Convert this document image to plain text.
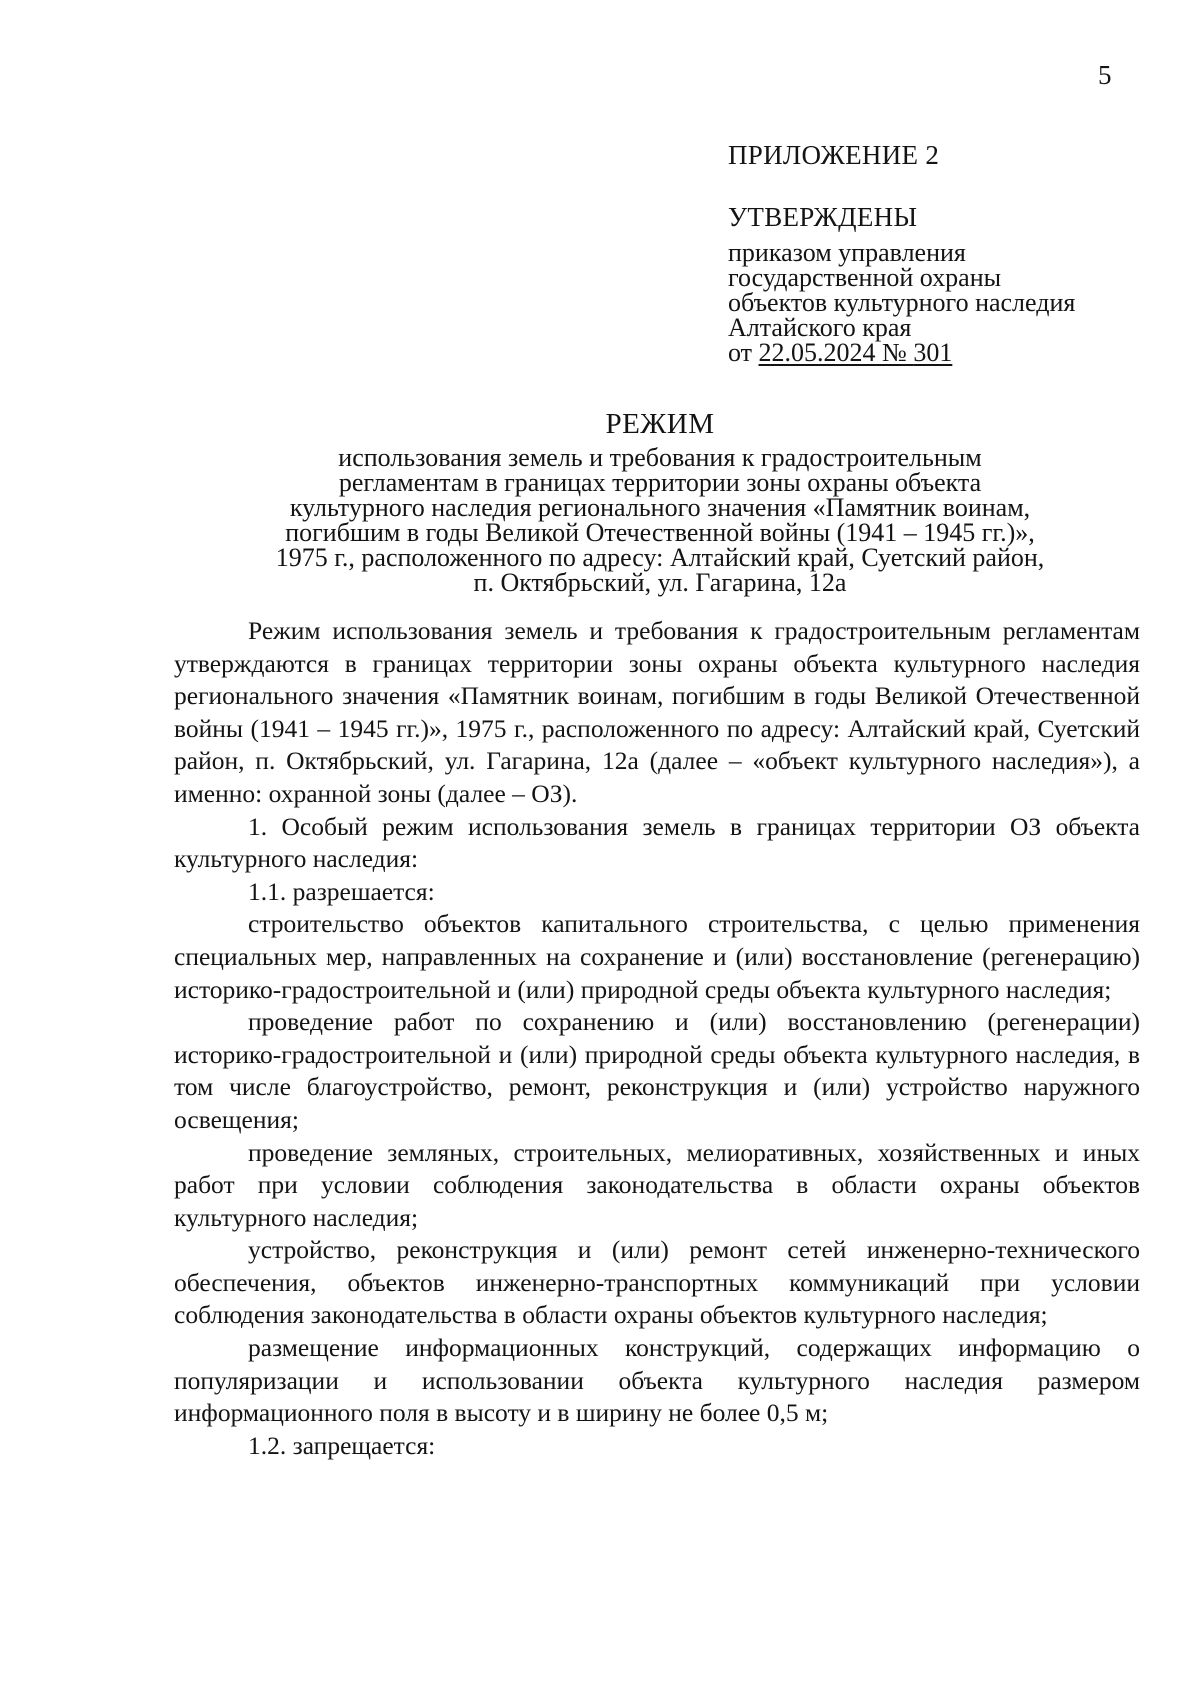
5
ПРИЛОЖЕНИЕ 2
УТВЕРЖДЕНЫ
приказом управления
государственной охраны
объектов культурного наследия
Алтайского края
от 22.05.2024 № 301
РЕЖИМ
использования земель и требования к градостроительным
регламентам в границах территории зоны охраны объекта
культурного наследия регионального значения «Памятник воинам,
погибшим в годы Великой Отечественной войны (1941 – 1945 гг.)»,
1975 г., расположенного по адресу: Алтайский край, Суетский район,
п. Октябрьский, ул. Гагарина, 12а

Режим использования земель и требования к градостроительным регламентам утверждаются в границах территории зоны охраны объекта культурного наследия регионального значения «Памятник воинам, погибшим в годы Великой Отечественной войны (1941 – 1945 гг.)», 1975 г., расположенного по адресу: Алтайский край, Суетский район, п. Октябрьский, ул. Гагарина, 12а (далее – «объект культурного наследия»), а именно: охранной зоны (далее – ОЗ).

1. Особый режим использования земель в границах территории ОЗ объекта культурного наследия:

1.1. разрешается:

строительство объектов капитального строительства, с целью применения специальных мер, направленных на сохранение и (или) восстановление (регенерацию) историко-градостроительной и (или) природной среды объекта культурного наследия;

проведение работ по сохранению и (или) восстановлению (регенерации) историко-градостроительной и (или) природной среды объекта культурного наследия, в том числе благоустройство, ремонт, реконструкция и (или) устройство наружного освещения;

проведение земляных, строительных, мелиоративных, хозяйственных и иных работ при условии соблюдения законодательства в области охраны объектов культурного наследия;

устройство, реконструкция и (или) ремонт сетей инженерно-технического обеспечения, объектов инженерно-транспортных коммуникаций при условии соблюдения законодательства в области охраны объектов культурного наследия;

размещение информационных конструкций, содержащих информацию о популяризации и использовании объекта культурного наследия размером информационного поля в высоту и в ширину не более 0,5 м;

1.2. запрещается:
